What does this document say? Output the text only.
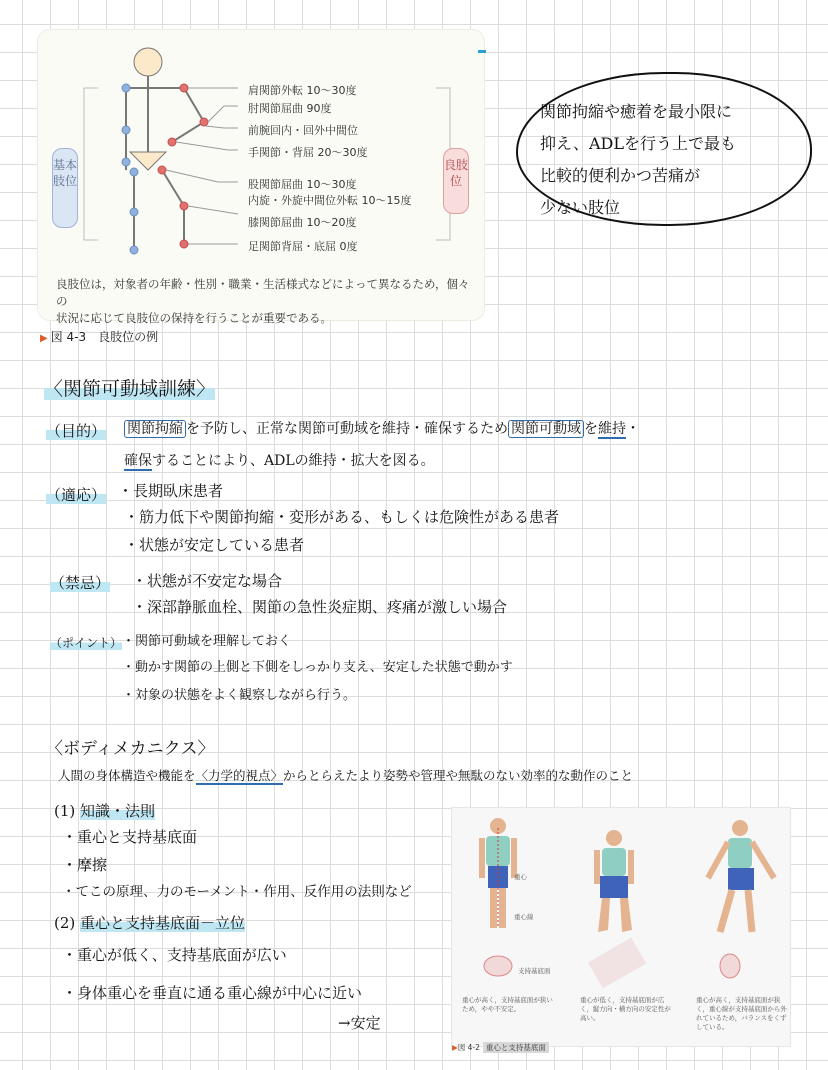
基本肢位
良肢位
肩関節外転 10～30度
肘関節屈曲 90度
前腕回内・回外中間位
手関節・背屈 20～30度
股関節屈曲 10～30度
内旋・外旋中間位外転 10～15度
膝関節屈曲 10～20度
足関節背屈・底屈 0度
良肢位は，対象者の年齢・性別・職業・生活様式などによって異なるため，個々の
状況に応じて良肢位の保持を行うことが重要である。
▶ 図 4-3　良肢位の例
関節拘縮や癒着を最小限に
抑え、ADLを行う上で最も
比較的便利かつ苦痛が
少ない肢位
〈関節可動域訓練〉
（目的） 関節拘縮 を予防し、正常な関節可動域を維持・確保するため 関節可動域 を維持・
確保することにより、ADLの維持・拡大を図る。
（適応） ・長期臥床患者
・筋力低下や関節拘縮・変形がある、もしくは危険性がある患者
・状態が安定している患者
（禁忌） ・状態が不安定な場合
・深部静脈血栓、関節の急性炎症期、疼痛が激しい場合
（ポイント） ・関節可動域を理解しておく
・動かす関節の上側と下側をしっかり支え、安定した状態で動かす
・対象の状態をよく観察しながら行う。
〈ボディメカニクス〉
人間の身体構造や機能を〈力学的視点〉からとらえたより姿勢や管理や無駄のない効率的な動作のこと
(1) 知識・法則
・重心と支持基底面
・摩擦
・てこの原理、力のモーメント・作用、反作用の法則など
(2) 重心と支持基底面－立位
・重心が低く、支持基底面が広い
・身体重心を垂直に通る重心線が中心に近い
→安定
重心
重心線
支持基底面
重心が高く，支持基底面が狭いため，やや不安定。
重心が低く，支持基底面が広く，縦方向・横方向の安定性が高い。
重心が高く，支持基底面が狭く，重心線が支持基底面から外れているため，バランスをくずしている。
▶図 4-2 重心と支持基底面
